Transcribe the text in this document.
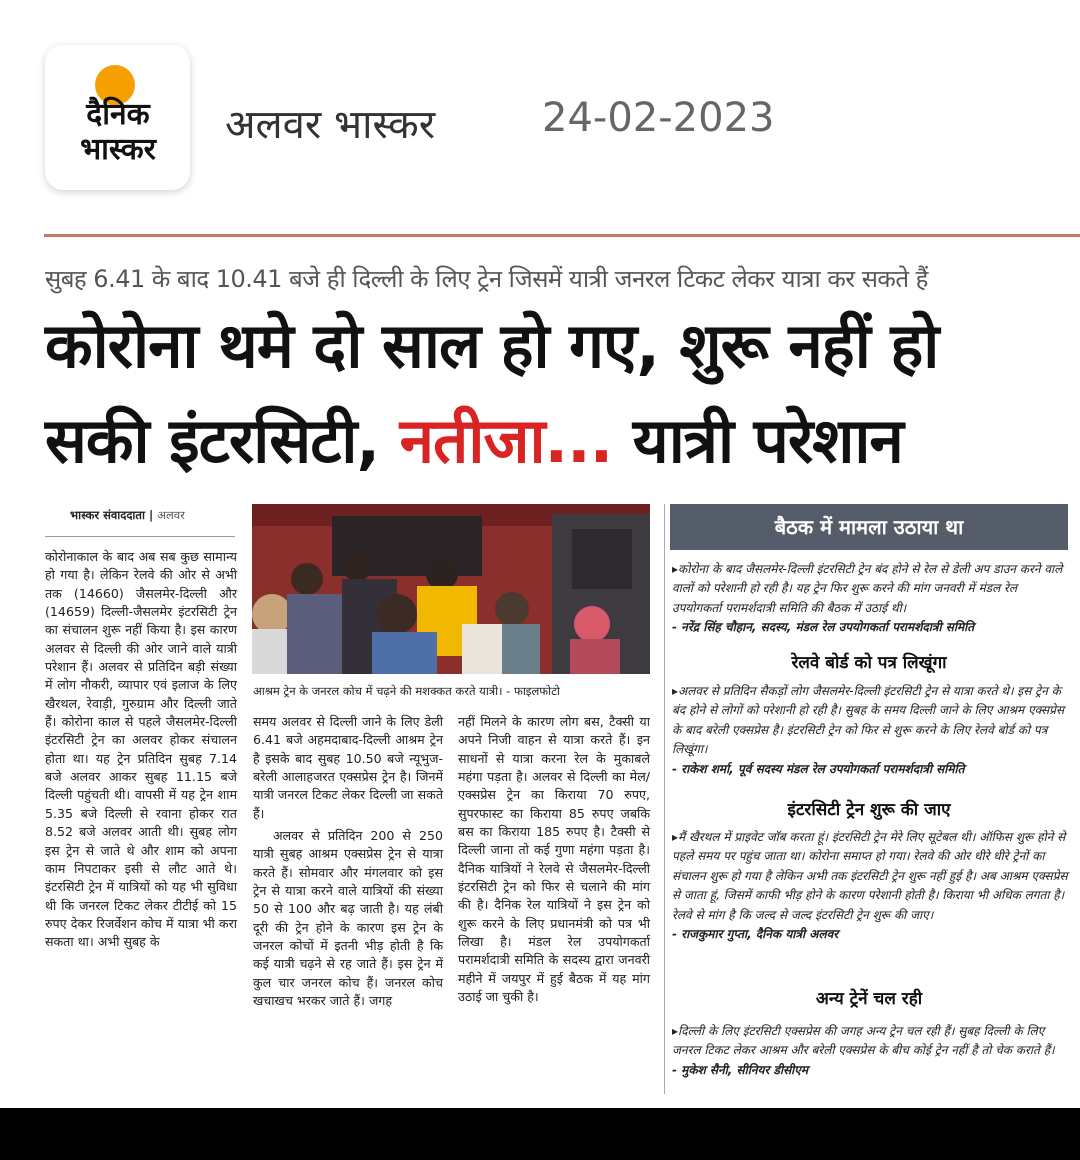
दैनिक
भास्कर
अलवर भास्कर	24-02-2023
सुबह 6.41 के बाद 10.41 बजे ही दिल्ली के लिए ट्रेन जिसमें यात्री जनरल टिकट लेकर यात्रा कर सकते हैं
कोरोना थमे दो साल हो गए, शुरू नहीं हो
सकी इंटरसिटी, नतीजा... यात्री परेशान
भास्कर संवाददाता | अलवर
कोरोनाकाल के बाद अब सब कुछ सामान्य हो गया है। लेकिन रेलवे की ओर से अभी तक (14660) जैसलमेर-दिल्ली और (14659) दिल्ली-जैसलमेर इंटरसिटी ट्रेन का संचालन शुरू नहीं किया है। इस कारण अलवर से दिल्ली की ओर जाने वाले यात्री परेशान हैं। अलवर से प्रतिदिन बड़ी संख्या में लोग नौकरी, व्यापार एवं इलाज के लिए खैरथल, रेवाड़ी, गुरुग्राम और दिल्ली जाते हैं। कोरोना काल से पहले जैसलमेर-दिल्ली इंटरसिटी ट्रेन का अलवर होकर संचालन होता था। यह ट्रेन प्रतिदिन सुबह 7.14 बजे अलवर आकर सुबह 11.15 बजे दिल्ली पहुंचती थी। वापसी में यह ट्रेन शाम 5.35 बजे दिल्ली से रवाना होकर रात 8.52 बजे अलवर आती थी। सुबह लोग इस ट्रेन से जाते थे और शाम को अपना काम निपटाकर इसी से लौट आते थे। इंटरसिटी ट्रेन में यात्रियों को यह भी सुविधा थी कि जनरल टिकट लेकर टीटीई को 15 रुपए देकर रिजर्वेशन कोच में यात्रा भी करा सकता था। अभी सुबह के
आश्रम ट्रेन के जनरल कोच में चढ़ने की मशक्कत करते यात्री। - फाइलफोटो

समय अलवर से दिल्ली जाने के लिए डेली 6.41 बजे अहमदाबाद-दिल्ली आश्रम ट्रेन है इसके बाद सुबह 10.50 बजे न्यूभुज- बरेली आलाहजरत एक्सप्रेस ट्रेन है। जिनमें यात्री जनरल टिकट लेकर दिल्ली जा सकते हैं।

अलवर से प्रतिदिन 200 से 250 यात्री सुबह आश्रम एक्सप्रेस ट्रेन से यात्रा करते हैं। सोमवार और मंगलवार को इस ट्रेन से यात्रा करने वाले यात्रियों की संख्या 50 से 100 और बढ़ जाती है। यह लंबी दूरी की ट्रेन होने के कारण इस ट्रेन के जनरल कोचों में इतनी भीड़ होती है कि कई यात्री चढ़ने से रह जाते हैं। इस ट्रेन में कुल चार जनरल कोच हैं। जनरल कोच खचाखच भरकर जाते हैं। जगह

नहीं मिलने के कारण लोग बस, टैक्सी या अपने निजी वाहन से यात्रा करते हैं। इन साधनों से यात्रा करना रेल के मुकाबले महंगा पड़ता है। अलवर से दिल्ली का मेल/ एक्सप्रेस ट्रेन का किराया 70 रुपए, सुपरफास्ट का किराया 85 रुपए जबकि बस का किराया 185 रुपए है। टैक्सी से दिल्ली जाना तो कई गुणा महंगा पड़ता है। दैनिक यात्रियों ने रेलवे से जैसलमेर-दिल्ली इंटरसिटी ट्रेन को फिर से चलाने की मांग की है। दैनिक रेल यात्रियों ने इस ट्रेन को शुरू करने के लिए प्रधानमंत्री को पत्र भी लिखा है। मंडल रेल उपयोगकर्ता परामर्शदात्री समिति के सदस्य द्वारा जनवरी महीने में जयपुर में हुई बैठक में यह मांग उठाई जा चुकी है।

बैठक में मामला उठाया था
▸कोरोना के बाद जैसलमेर-दिल्ली इंटरसिटी ट्रेन बंद होने से रेल से डेली अप डाउन करने वाले वालों को परेशानी हो रही है। यह ट्रेन फिर शुरू करने की मांग जनवरी में मंडल रेल उपयोगकर्ता परामर्शदात्री समिति की बैठक में उठाई थी।
- नरेंद्र सिंह चौहान, सदस्य, मंडल रेल उपयोगकर्ता परामर्शदात्री समिति
रेलवे बोर्ड को पत्र लिखूंगा
▸अलवर से प्रतिदिन सैकड़ों लोग जैसलमेर-दिल्ली इंटरसिटी ट्रेन से यात्रा करते थे। इस ट्रेन के बंद होने से लोगों को परेशानी हो रही है। सुबह के समय दिल्ली जाने के लिए आश्रम एक्सप्रेस के बाद बरेली एक्सप्रेस है। इंटरसिटी ट्रेन को फिर से शुरू करने के लिए रेलवे बोर्ड को पत्र लिखूंगा।
- राकेश शर्मा, पूर्व सदस्य मंडल रेल उपयोगकर्ता परामर्शदात्री समिति
इंटरसिटी ट्रेन शुरू की जाए
▸मैं खैरथल में प्राइवेट जॉब करता हूं। इंटरसिटी ट्रेन मेरे लिए सूटेबल थी। ऑफिस शुरू होने से पहले समय पर पहुंच जाता था। कोरोना समाप्त हो गया। रेलवे की ओर धीरे धीरे ट्रेनों का संचालन शुरू हो गया है लेकिन अभी तक इंटरसिटी ट्रेन शुरू नहीं हुई है। अब आश्रम एक्सप्रेस से जाता हूं, जिसमें काफी भीड़ होने के कारण परेशानी होती है। किराया भी अधिक लगता है। रेलवे से मांग है कि जल्द से जल्द इंटरसिटी ट्रेन शुरू की जाए।
- राजकुमार गुप्ता, दैनिक यात्री अलवर
अन्य ट्रेनें चल रही
▸दिल्ली के लिए इंटरसिटी एक्सप्रेस की जगह अन्य ट्रेन चल रही हैं। सुबह दिल्ली के लिए जनरल टिकट लेकर आश्रम और बरेली एक्सप्रेस के बीच कोई ट्रेन नहीं है तो चेक कराते हैं।
- मुकेश सैनी, सीनियर डीसीएम
